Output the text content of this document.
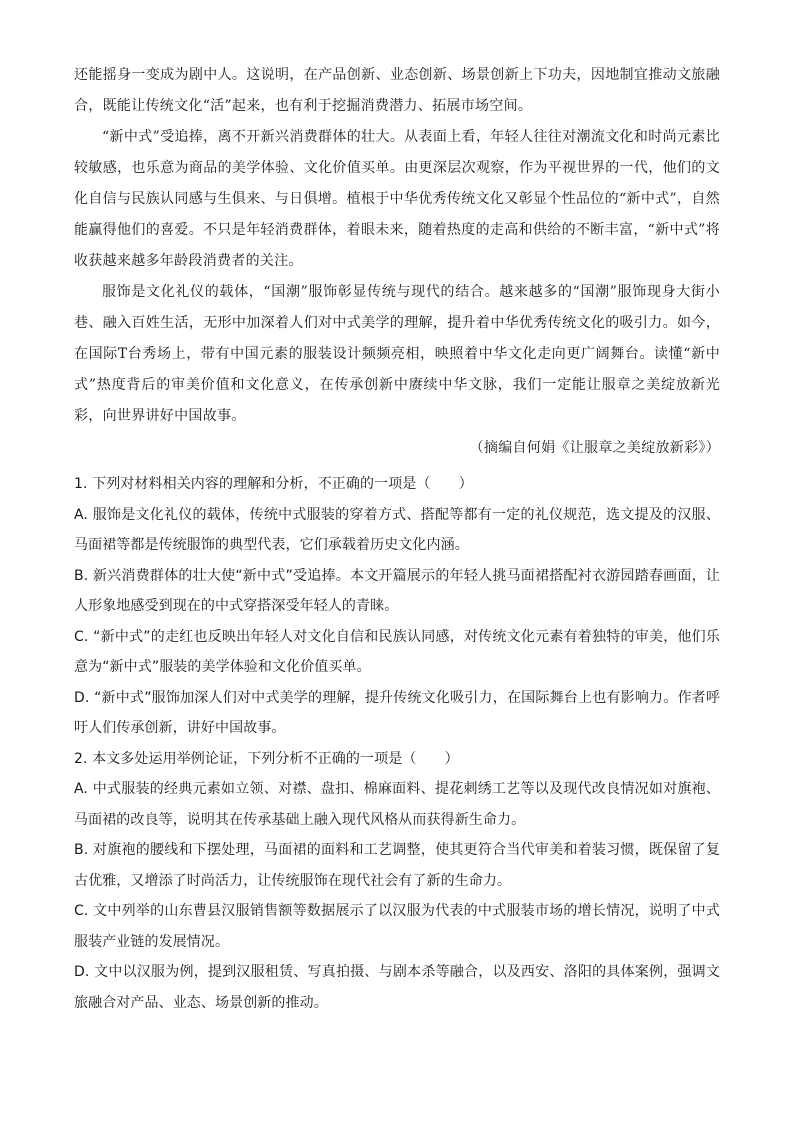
还能摇身一变成为剧中人。这说明，在产品创新、业态创新、场景创新上下功夫，因地制宜推动文旅融合，既能让传统文化“活”起来，也有利于挖掘消费潜力、拓展市场空间。

“新中式”受追捧，离不开新兴消费群体的壮大。从表面上看，年轻人往往对潮流文化和时尚元素比较敏感，也乐意为商品的美学体验、文化价值买单。由更深层次观察，作为平视世界的一代，他们的文化自信与民族认同感与生俱来、与日俱增。植根于中华优秀传统文化又彰显个性品位的“新中式”，自然能赢得他们的喜爱。不只是年轻消费群体，着眼未来，随着热度的走高和供给的不断丰富，“新中式”将收获越来越多年龄段消费者的关注。

服饰是文化礼仪的载体，“国潮”服饰彰显传统与现代的结合。越来越多的“国潮”服饰现身大街小巷、融入百姓生活，无形中加深着人们对中式美学的理解，提升着中华优秀传统文化的吸引力。如今，在国际T台秀场上，带有中国元素的服装设计频频亮相，映照着中华文化走向更广阔舞台。读懂“新中式”热度背后的审美价值和文化意义，在传承创新中赓续中华文脉，我们一定能让服章之美绽放新光彩，向世界讲好中国故事。

（摘编自何娟《让服章之美绽放新彩》）

1. 下列对材料相关内容的理解和分析，不正确的一项是（　　）

A. 服饰是文化礼仪的载体，传统中式服装的穿着方式、搭配等都有一定的礼仪规范，选文提及的汉服、马面裙等都是传统服饰的典型代表，它们承载着历史文化内涵。

B. 新兴消费群体的壮大使“新中式”受追捧。本文开篇展示的年轻人挑马面裙搭配衬衣游园踏春画面，让人形象地感受到现在的中式穿搭深受年轻人的青睐。

C. “新中式”的走红也反映出年轻人对文化自信和民族认同感，对传统文化元素有着独特的审美，他们乐意为“新中式”服装的美学体验和文化价值买单。

D. “新中式”服饰加深人们对中式美学的理解，提升传统文化吸引力，在国际舞台上也有影响力。作者呼吁人们传承创新，讲好中国故事。

2. 本文多处运用举例论证，下列分析不正确的一项是（　　）

A. 中式服装的经典元素如立领、对襟、盘扣、棉麻面料、提花刺绣工艺等以及现代改良情况如对旗袍、马面裙的改良等，说明其在传承基础上融入现代风格从而获得新生命力。

B. 对旗袍的腰线和下摆处理，马面裙的面料和工艺调整，使其更符合当代审美和着装习惯，既保留了复古优雅，又增添了时尚活力，让传统服饰在现代社会有了新的生命力。

C. 文中列举的山东曹县汉服销售额等数据展示了以汉服为代表的中式服装市场的增长情况，说明了中式服装产业链的发展情况。

D. 文中以汉服为例，提到汉服租赁、写真拍摄、与剧本杀等融合，以及西安、洛阳的具体案例，强调文旅融合对产品、业态、场景创新的推动。
